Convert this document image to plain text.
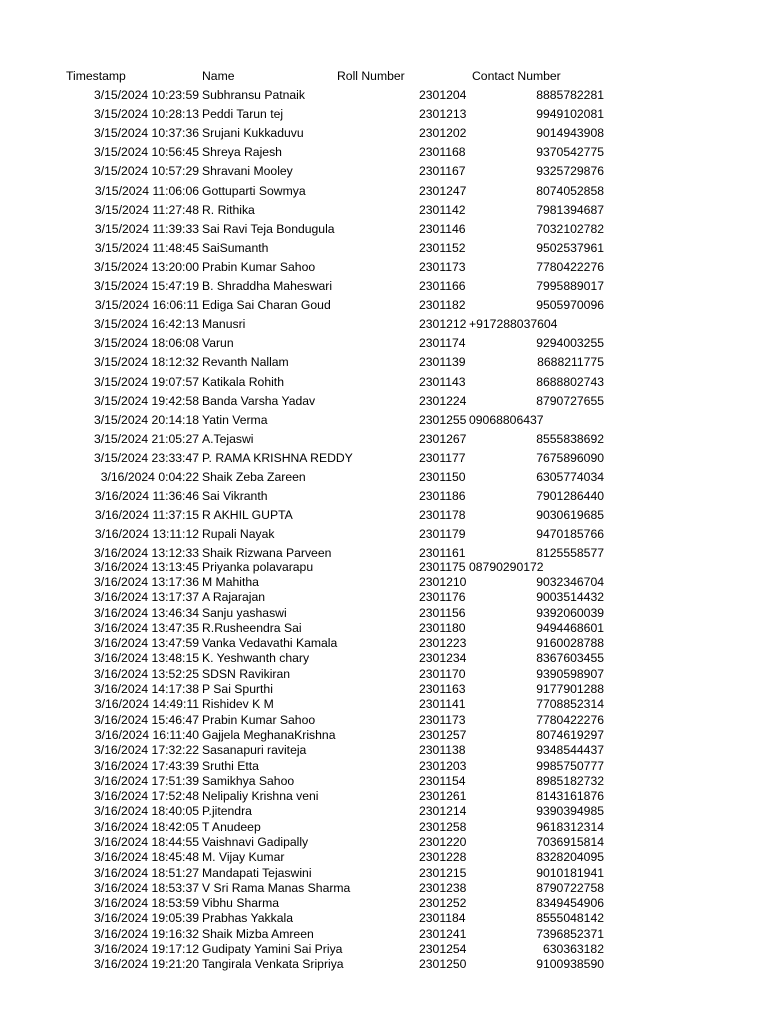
Timestamp	Name	Roll Number	Contact Number
3/15/2024 10:23:59 Subhransu Patnaik	2301204	8885782281
3/15/2024 10:28:13 Peddi Tarun tej	2301213	9949102081
3/15/2024 10:37:36 Srujani Kukkaduvu	2301202	9014943908
3/15/2024 10:56:45 Shreya Rajesh	2301168	9370542775
3/15/2024 10:57:29 Shravani Mooley	2301167	9325729876
3/15/2024 11:06:06 Gottuparti Sowmya	2301247	8074052858
3/15/2024 11:27:48 R. Rithika	2301142	7981394687
3/15/2024 11:39:33 Sai Ravi Teja Bondugula	2301146	7032102782
3/15/2024 11:48:45 SaiSumanth	2301152	9502537961
3/15/2024 13:20:00 Prabin Kumar Sahoo	2301173	7780422276
3/15/2024 15:47:19 B. Shraddha Maheswari	2301166	7995889017
3/15/2024 16:06:11 Ediga Sai Charan Goud	2301182	9505970096
3/15/2024 16:42:13 Manusri	2301212 +917288037604
3/15/2024 18:06:08 Varun	2301174	9294003255
3/15/2024 18:12:32 Revanth Nallam	2301139	8688211775
3/15/2024 19:07:57 Katikala Rohith	2301143	8688802743
3/15/2024 19:42:58 Banda Varsha Yadav	2301224	8790727655
3/15/2024 20:14:18 Yatin Verma	2301255 09068806437
3/15/2024 21:05:27 A.Tejaswi	2301267	8555838692
3/15/2024 23:33:47 P. RAMA KRISHNA REDDY	2301177	7675896090
3/16/2024 0:04:22 Shaik Zeba Zareen	2301150	6305774034
3/16/2024 11:36:46 Sai Vikranth	2301186	7901286440
3/16/2024 11:37:15 R AKHIL GUPTA	2301178	9030619685
3/16/2024 13:11:12 Rupali Nayak	2301179	9470185766
3/16/2024 13:12:33 Shaik Rizwana Parveen	2301161	8125558577
3/16/2024 13:13:45 Priyanka polavarapu	2301175 08790290172
3/16/2024 13:17:36 M Mahitha	2301210	9032346704
3/16/2024 13:17:37 A Rajarajan	2301176	9003514432
3/16/2024 13:46:34 Sanju yashaswi	2301156	9392060039
3/16/2024 13:47:35 R.Rusheendra Sai	2301180	9494468601
3/16/2024 13:47:59 Vanka Vedavathi Kamala	2301223	9160028788
3/16/2024 13:48:15 K. Yeshwanth chary	2301234	8367603455
3/16/2024 13:52:25 SDSN Ravikiran	2301170	9390598907
3/16/2024 14:17:38 P Sai Spurthi	2301163	9177901288
3/16/2024 14:49:11 Rishidev K M	2301141	7708852314
3/16/2024 15:46:47 Prabin Kumar Sahoo	2301173	7780422276
3/16/2024 16:11:40 Gajjela MeghanaKrishna	2301257	8074619297
3/16/2024 17:32:22 Sasanapuri raviteja	2301138	9348544437
3/16/2024 17:43:39 Sruthi Etta	2301203	9985750777
3/16/2024 17:51:39 Samikhya Sahoo	2301154	8985182732
3/16/2024 17:52:48 Nelipaliy Krishna veni	2301261	8143161876
3/16/2024 18:40:05 P.jitendra	2301214	9390394985
3/16/2024 18:42:05 T Anudeep	2301258	9618312314
3/16/2024 18:44:55 Vaishnavi Gadipally	2301220	7036915814
3/16/2024 18:45:48 M. Vijay Kumar	2301228	8328204095
3/16/2024 18:51:27 Mandapati Tejaswini	2301215	9010181941
3/16/2024 18:53:37 V Sri Rama Manas Sharma	2301238	8790722758
3/16/2024 18:53:59 Vibhu Sharma	2301252	8349454906
3/16/2024 19:05:39 Prabhas Yakkala	2301184	8555048142
3/16/2024 19:16:32 Shaik Mizba Amreen	2301241	7396852371
3/16/2024 19:17:12 Gudipaty Yamini Sai Priya	2301254	630363182
3/16/2024 19:21:20 Tangirala Venkata Sripriya	2301250	9100938590
